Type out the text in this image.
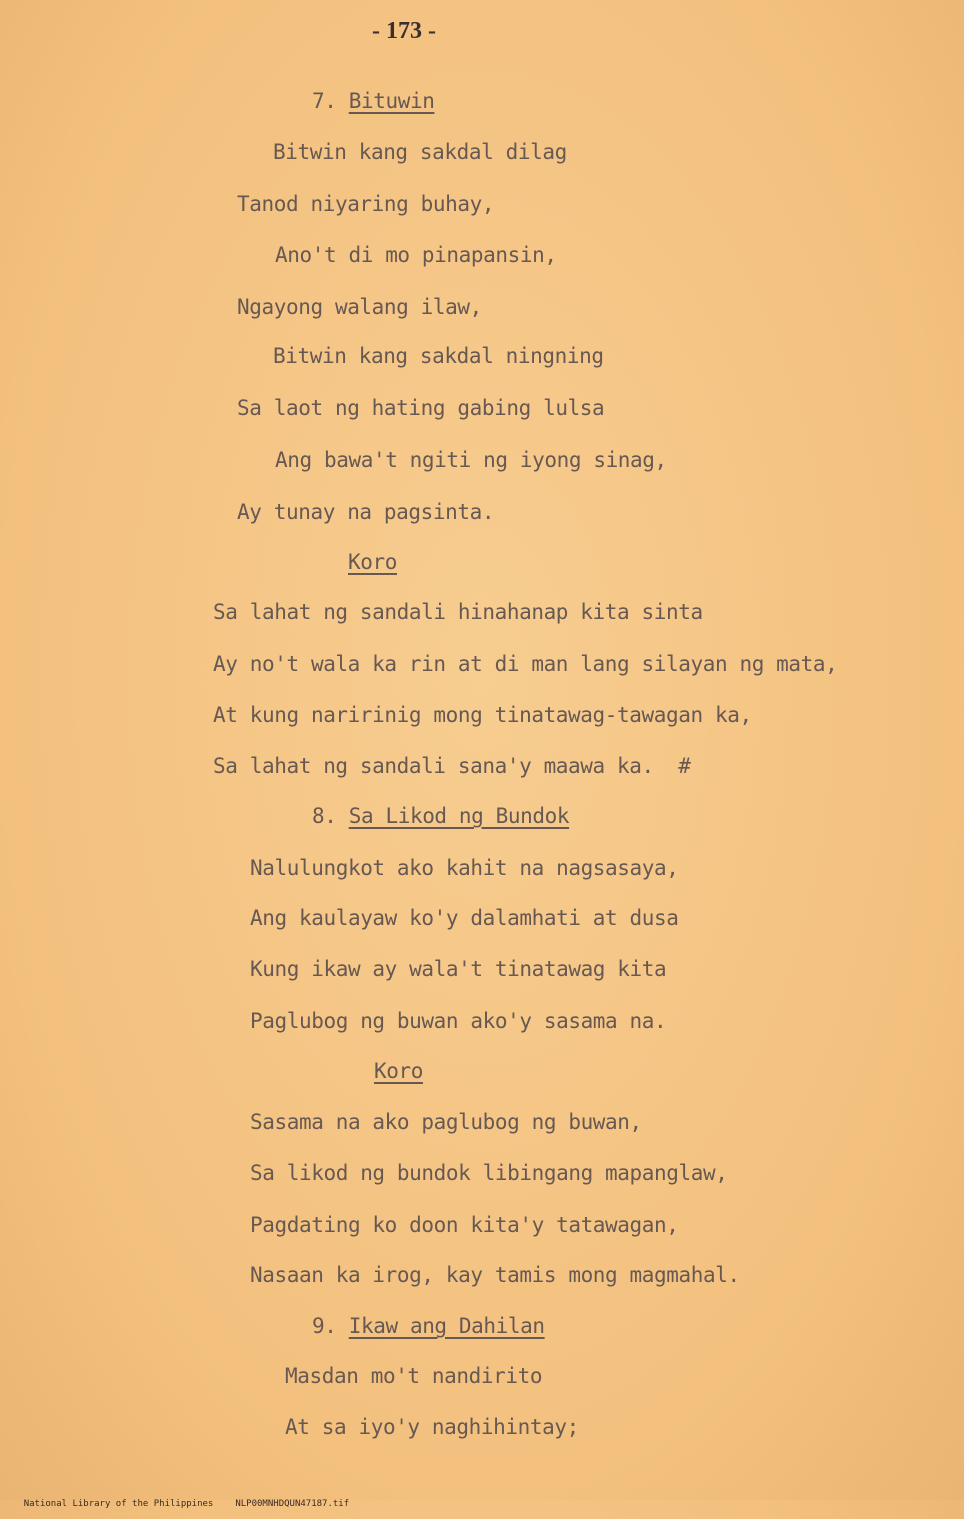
- 173 -
7. Bituwin
Bitwin kang sakdal dilag
Tanod niyaring buhay,
Ano't di mo pinapansin,
Ngayong walang ilaw,
Bitwin kang sakdal ningning
Sa laot ng hating gabing lulsa
Ang bawa't ngiti ng iyong sinag,
Ay tunay na pagsinta.
Koro
Sa lahat ng sandali hinahanap kita sinta
Ay no't wala ka rin at di man lang silayan ng mata,
At kung naririnig mong tinatawag-tawagan ka,
Sa lahat ng sandali sana'y maawa ka.  #
8. Sa Likod ng Bundok
Nalulungkot ako kahit na nagsasaya,
Ang kaulayaw ko'y dalamhati at dusa
Kung ikaw ay wala't tinatawag kita
Paglubog ng buwan ako'y sasama na.
Koro
Sasama na ako paglubog ng buwan,
Sa likod ng bundok libingang mapanglaw,
Pagdating ko doon kita'y tatawagan,
Nasaan ka irog, kay tamis mong magmahal.
9. Ikaw ang Dahilan
Masdan mo't nandirito
At sa iyo'y naghihintay;

National Library of the Philippines NLP00MNHDQUN47187.tif
